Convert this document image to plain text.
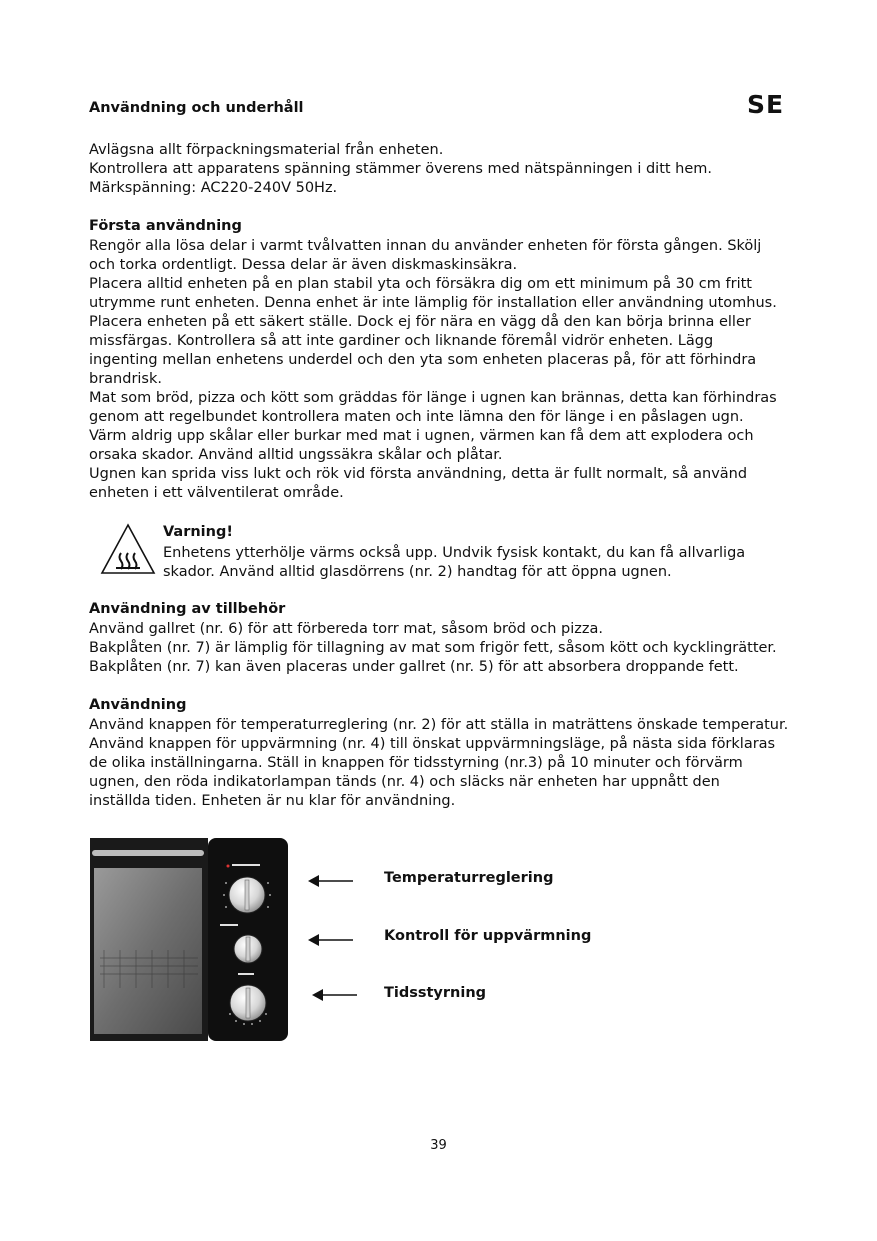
SE
Användning och underhåll
Avlägsna allt förpackningsmaterial från enheten.
Kontrollera att apparatens spänning stämmer överens med nätspänningen i ditt hem.
Märkspänning: AC220-240V 50Hz.
Första användning
Rengör alla lösa delar i varmt tvålvatten innan du använder enheten för första gången. Skölj
och torka ordentligt. Dessa delar är även diskmaskinsäkra.
Placera alltid enheten på en plan stabil yta och försäkra dig om ett minimum på 30 cm fritt
utrymme runt enheten. Denna enhet är inte lämplig för installation eller användning utomhus.
Placera enheten på ett säkert ställe. Dock ej för nära en vägg då den kan börja brinna eller
missfärgas. Kontrollera så att inte gardiner och liknande föremål vidrör enheten. Lägg
ingenting mellan enhetens underdel och den yta som enheten placeras på, för att förhindra
brandrisk.
Mat som bröd, pizza och kött som gräddas för länge i ugnen kan brännas, detta kan förhindras
genom att regelbundet kontrollera maten och inte lämna den för länge i en påslagen ugn.
Värm aldrig upp skålar eller burkar med mat i ugnen, värmen kan få dem att explodera och
orsaka skador. Använd alltid ungssäkra skålar och plåtar.
Ugnen kan sprida viss lukt och rök vid första användning, detta är fullt normalt, så använd
enheten i ett välventilerat område.
Varning!
Enhetens ytterhölje värms också upp. Undvik fysisk kontakt, du kan få allvarliga
skador. Använd alltid glasdörrens (nr. 2) handtag för att öppna ugnen.
Användning av tillbehör
Använd gallret (nr. 6) för att förbereda torr mat, såsom bröd och pizza.
Bakplåten (nr. 7) är lämplig för tillagning av mat som frigör fett, såsom kött och kycklingrätter.
Bakplåten (nr. 7) kan även placeras under gallret (nr. 5) för att absorbera droppande fett.
Användning
Använd knappen för temperaturreglering (nr. 2) för att ställa in maträttens önskade temperatur.
Använd knappen för uppvärmning (nr. 4) till önskat uppvärmningsläge, på nästa sida förklaras
de olika inställningarna. Ställ in knappen för tidsstyrning (nr.3) på 10 minuter och förvärm
ugnen, den röda indikatorlampan tänds (nr. 4) och släcks när enheten har uppnått den
inställda tiden. Enheten är nu klar för användning.
Temperaturreglering
Kontroll för uppvärmning
Tidsstyrning
39
